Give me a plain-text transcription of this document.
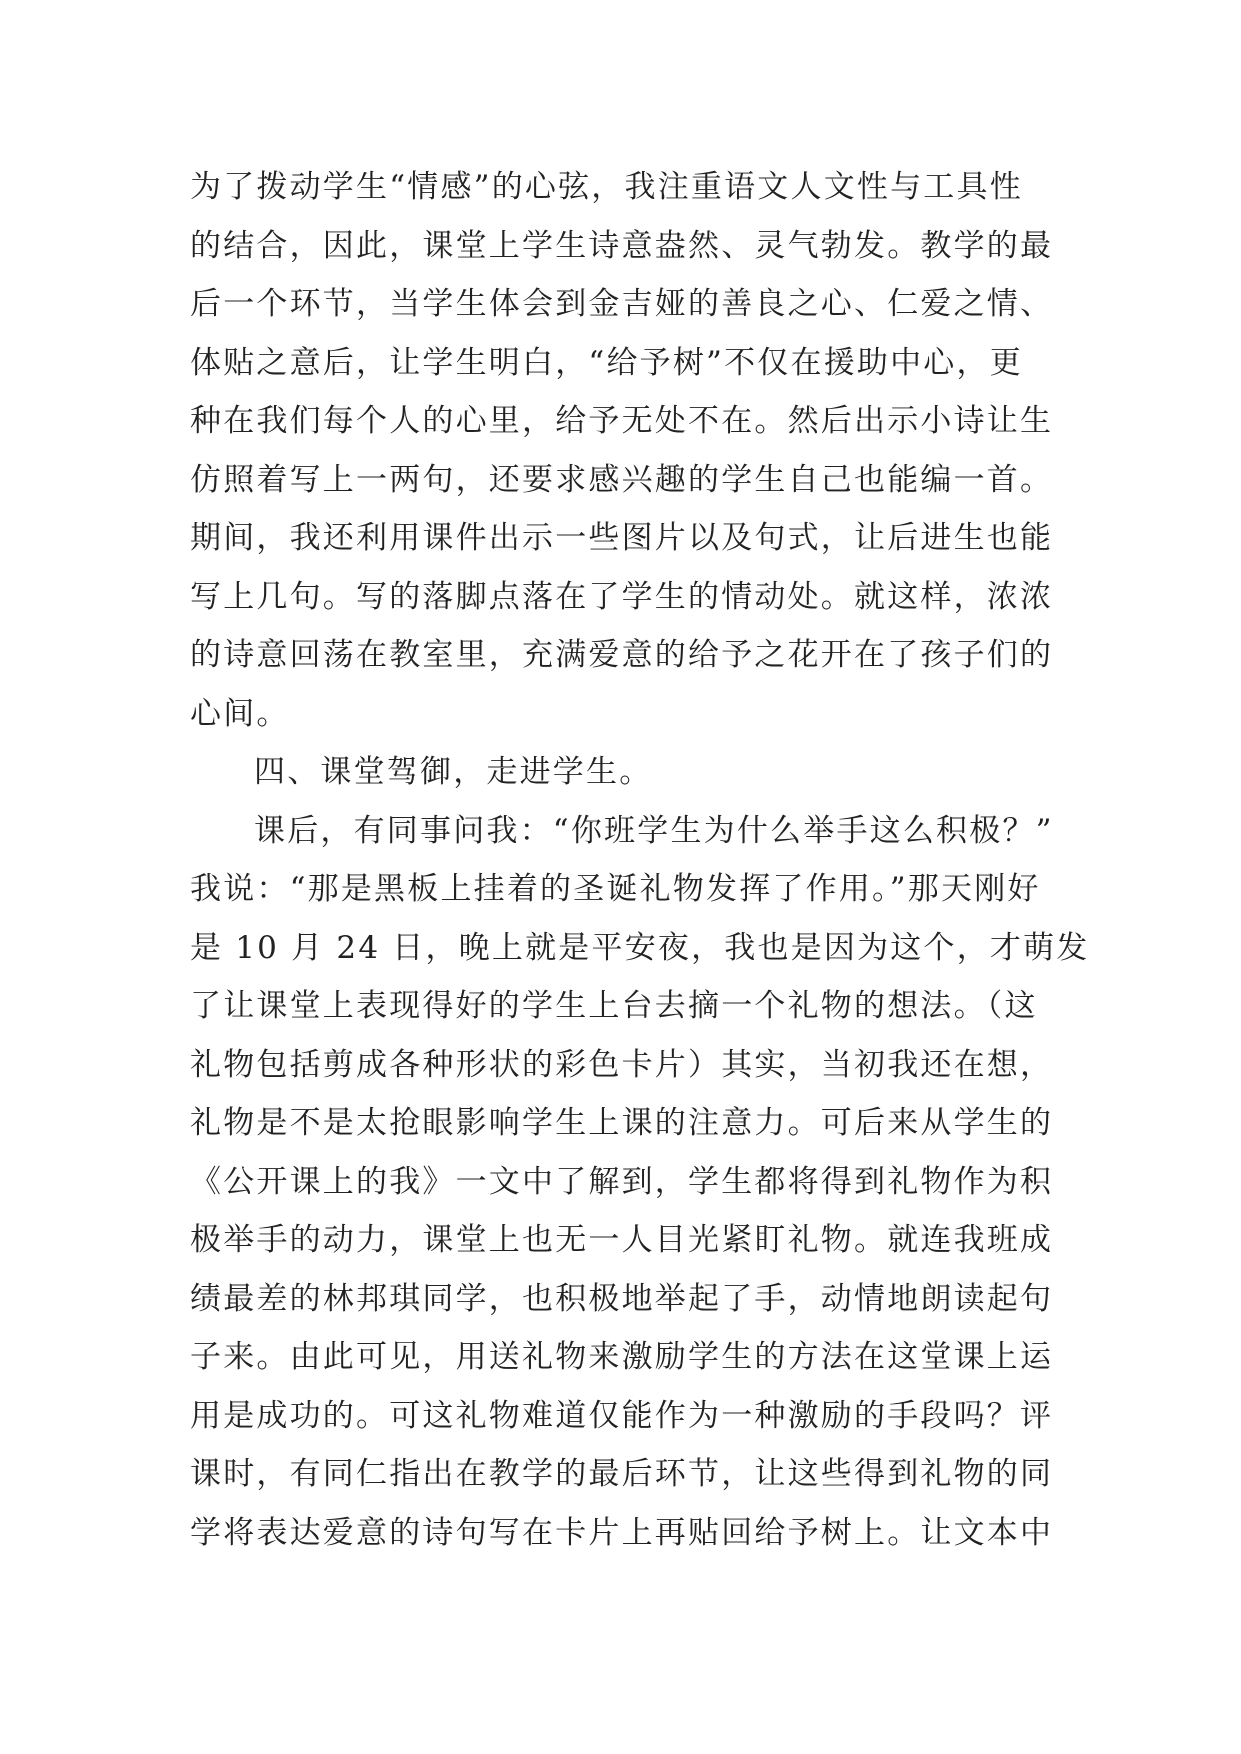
为了拨动学生“情感”的心弦，我注重语文人文性与工具性
的结合，因此，课堂上学生诗意盎然、灵气勃发。教学的最
后一个环节，当学生体会到金吉娅的善良之心、仁爱之情、
体贴之意后，让学生明白，“给予树”不仅在援助中心，更
种在我们每个人的心里，给予无处不在。然后出示小诗让生
仿照着写上一两句，还要求感兴趣的学生自己也能编一首。
期间，我还利用课件出示一些图片以及句式，让后进生也能
写上几句。写的落脚点落在了学生的情动处。就这样，浓浓
的诗意回荡在教室里，充满爱意的给予之花开在了孩子们的
心间。
四、课堂驾御，走进学生。
课后，有同事问我：“你班学生为什么举手这么积极？”
我说：“那是黑板上挂着的圣诞礼物发挥了作用。”那天刚好
是 10 月 24 日，晚上就是平安夜，我也是因为这个，才萌发
了让课堂上表现得好的学生上台去摘一个礼物的想法。（这
礼物包括剪成各种形状的彩色卡片）其实，当初我还在想，
礼物是不是太抢眼影响学生上课的注意力。可后来从学生的
《公开课上的我》一文中了解到，学生都将得到礼物作为积
极举手的动力，课堂上也无一人目光紧盯礼物。就连我班成
绩最差的林邦琪同学，也积极地举起了手，动情地朗读起句
子来。由此可见，用送礼物来激励学生的方法在这堂课上运
用是成功的。可这礼物难道仅能作为一种激励的手段吗？评
课时，有同仁指出在教学的最后环节，让这些得到礼物的同
学将表达爱意的诗句写在卡片上再贴回给予树上。让文本中
